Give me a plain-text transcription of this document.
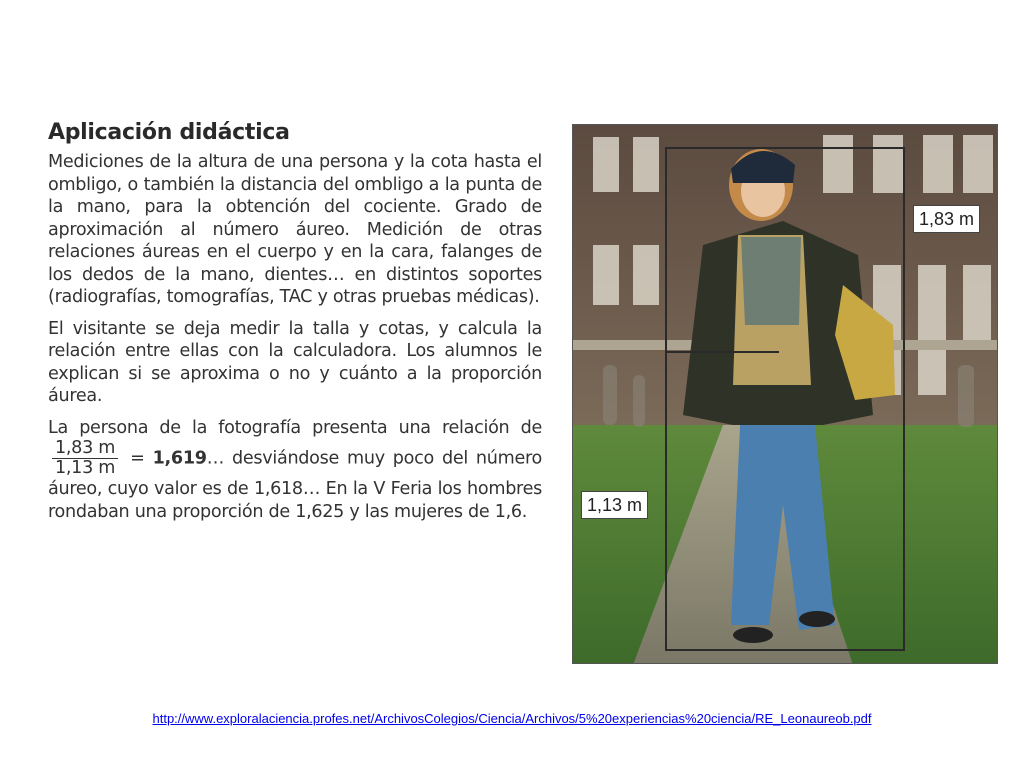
Aplicación didáctica

Mediciones de la altura de una persona y la cota hasta el ombligo, o también la distancia del ombligo a la punta de la mano, para la obtención del cociente. Grado de aproximación al número áureo. Medición de otras relaciones áureas en el cuerpo y en la cara, falanges de los dedos de la mano, dientes… en distintos soportes (radiografías, tomografías, TAC y otras pruebas médicas).

El visitante se deja medir la talla y cotas, y calcula la relación entre ellas con la calculadora. Los alumnos le explican si se aproxima o no y cuánto a la proporción áurea.

La persona de la fotografía presenta una relación de
$\frac{1,83 m}{1,13 m}$ = 1,619… desviándose muy poco del número áureo, cuyo valor es de 1,618… En la V Feria los hombres rondaban una proporción de 1,625 y las mujeres de 1,6.

1,83 m
1,13 m
http://www.exploralaciencia.profes.net/ArchivosColegios/Ciencia/Archivos/5%20experiencias%20ciencia/RE_Leonaureob.pdf
